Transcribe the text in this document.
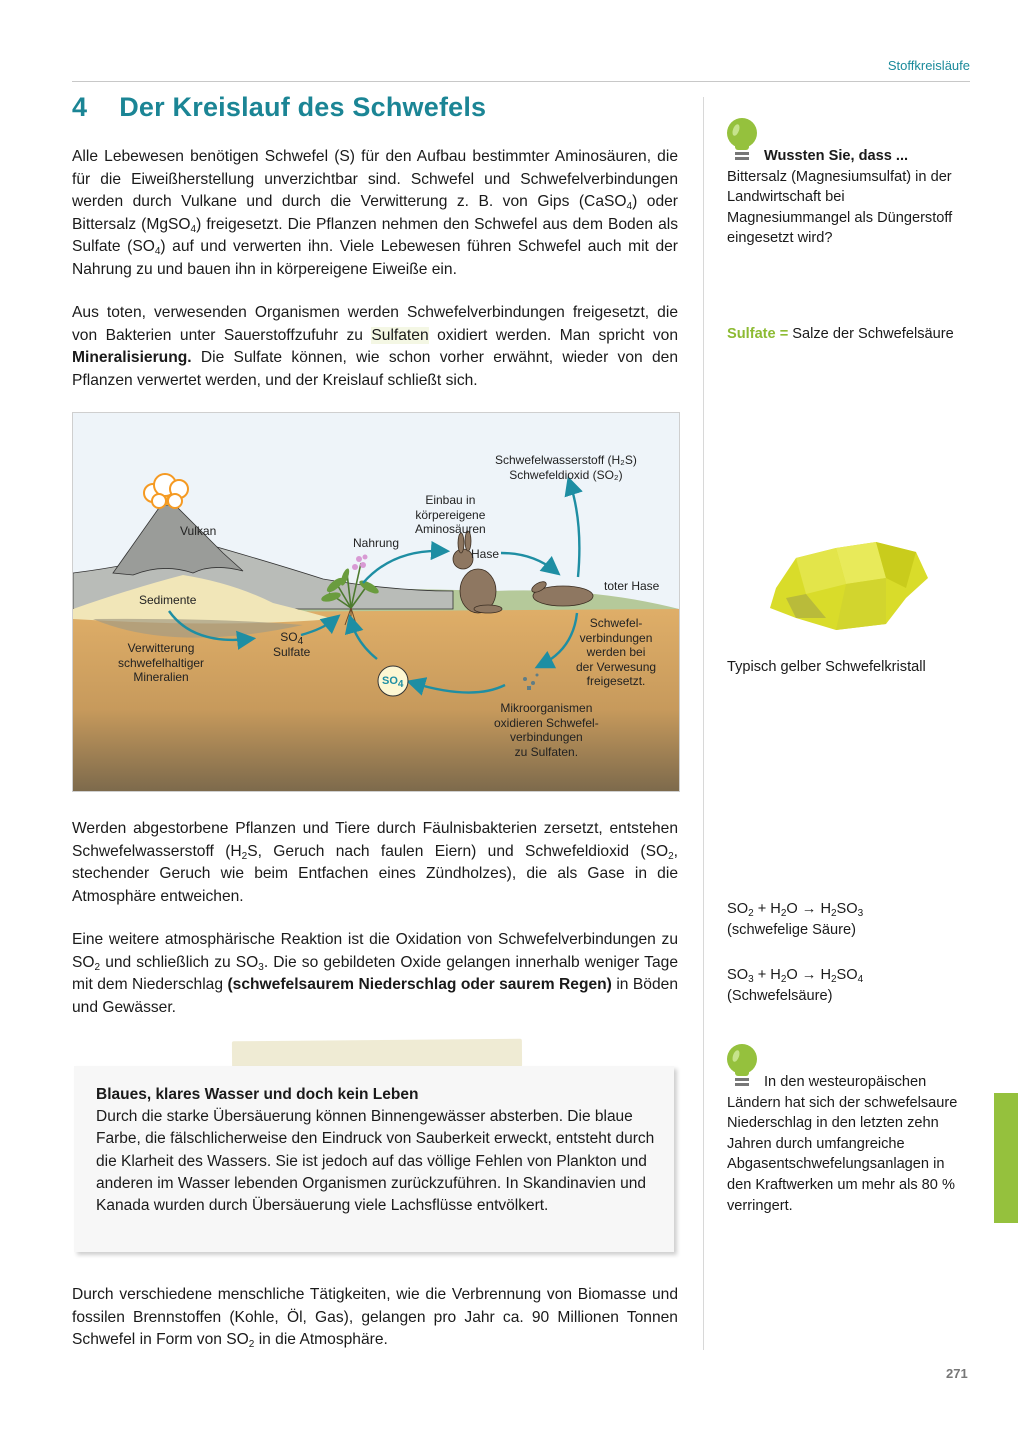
Stoffkreisläufe
4 Der Kreislauf des Schwefels

Alle Lebewesen benötigen Schwefel (S) für den Aufbau bestimmter Aminosäuren, die für die Eiweißherstellung unverzichtbar sind. Schwefel und Schwefelverbindungen werden durch Vulkane und durch die Verwitterung z. B. von Gips (CaSO$_4$) oder Bittersalz (MgSO$_4$) freigesetzt. Die Pflanzen nehmen den Schwefel aus dem Boden als Sulfate $(SO_4)$ auf und verwerten ihn. Viele Lebewesen führen Schwefel auch mit der Nahrung zu und bauen ihn in körpereigene Eiweiße ein.

Aus toten, verwesenden Organismen werden Schwefelverbindungen freigesetzt, die von Bakterien unter Sauerstoffzufuhr zu Sulfaten oxidiert werden. Man spricht von Mineralisierung. Die Sulfate können, wie schon vorher erwähnt, wieder von den Pflanzen verwertet werden, und der Kreislauf schließt sich.

Vulkan
Sedimente
Verwitterung
schwefelhaltiger
Mineralien
$SO_4$
Sulfate
Nahrung
Einbau in
körpereigene
Aminosäuren
Hase
Schwefelwasserstoff (H₂S)
Schwefeldioxid (SO₂)
toter Hase
Schwefel-
verbindungen
werden bei
der Verwesung
freigesetzt.
Mikroorganismen
oxidieren Schwefel-
verbindungen
zu Sulfaten.
$SO_4$

Werden abgestorbene Pflanzen und Tiere durch Fäulnisbakterien zersetzt, entstehen Schwefelwasserstoff ($H_2S$, Geruch nach faulen Eiern) und Schwefeldioxid ($SO_2$, stechender Geruch wie beim Entfachen eines Zündholzes), die als Gase in die Atmosphäre entweichen.

Eine weitere atmosphärische Reaktion ist die Oxidation von Schwefelverbindungen zu $SO_2$ und schließlich zu $SO_3$. Die so gebildeten Oxide gelangen innerhalb weniger Tage mit dem Niederschlag (schwefelsaurem Niederschlag oder saurem Regen) in Böden und Gewässer.

Blaues, klares Wasser und doch kein Leben
Durch die starke Übersäuerung können Binnengewässer absterben. Die blaue Farbe, die fälschlicherweise den Eindruck von Sauberkeit erweckt, entsteht durch die Klarheit des Wassers. Sie ist jedoch auf das völlige Fehlen von Plankton und anderen im Wasser lebenden Organismen zurückzuführen. In Skandinavien und Kanada wurden durch Übersäuerung viele Lachsflüsse entvölkert.

Durch verschiedene menschliche Tätigkeiten, wie die Verbrennung von Biomasse und fossilen Brennstoffen (Kohle, Öl, Gas), gelangen pro Jahr ca. 90 Millionen Tonnen Schwefel in Form von $SO_2$ in die Atmosphäre.

Wussten Sie, dass ...
Bittersalz (Magnesiumsulfat) in der Landwirtschaft bei Magnesiummangel als Düngerstoff eingesetzt wird?
Sulfate = Salze der Schwefelsäure
Typisch gelber Schwefelkristall
$SO_2 + H_2O \to H_2SO_3$
(schwefelige Säure)
$SO_3 + H_2O \to H_2SO_4$
(Schwefelsäure)
In den westeuropäischen Ländern hat sich der schwefelsaure Niederschlag in den letzten zehn Jahren durch umfangreiche Abgasentschwefelungsanlagen in den Kraftwerken um mehr als 80 % verringert.
271
